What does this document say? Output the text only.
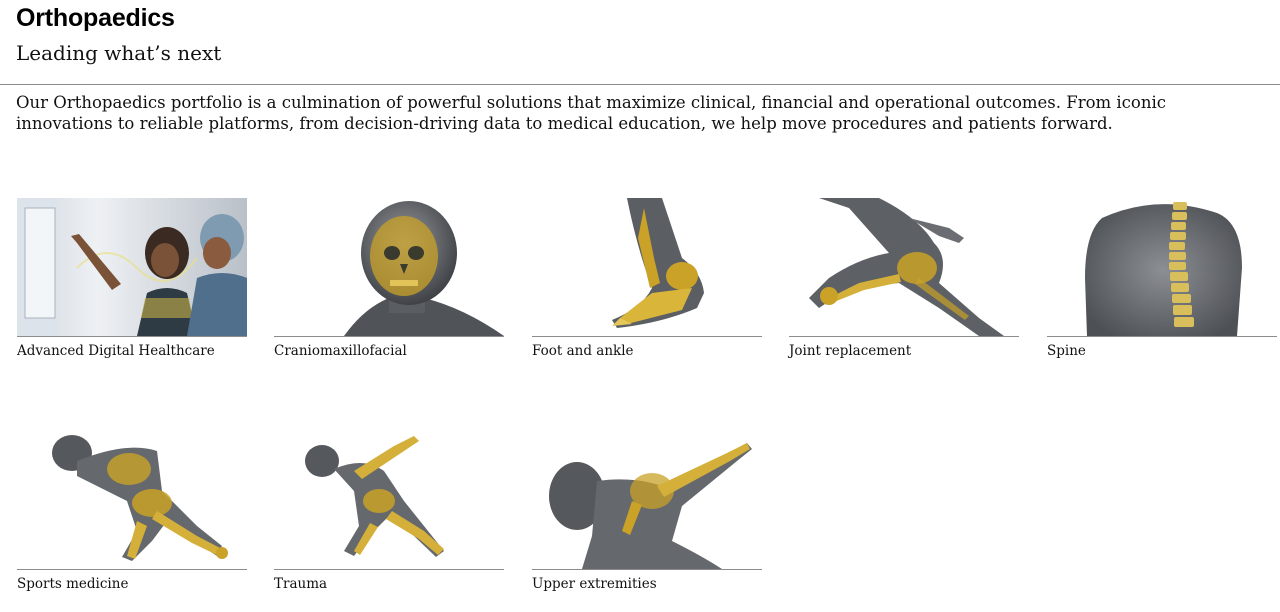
Orthopaedics
Leading what’s next

Our Orthopaedics portfolio is a culmination of powerful solutions that maximize clinical, financial and operational outcomes. From iconic innovations to reliable platforms, from decision-driving data to medical education, we help move procedures and patients forward.

Advanced Digital Healthcare	Craniomaxillofacial	Foot and ankle	Joint replacement	Spine
Sports medicine	Trauma	Upper extremities
